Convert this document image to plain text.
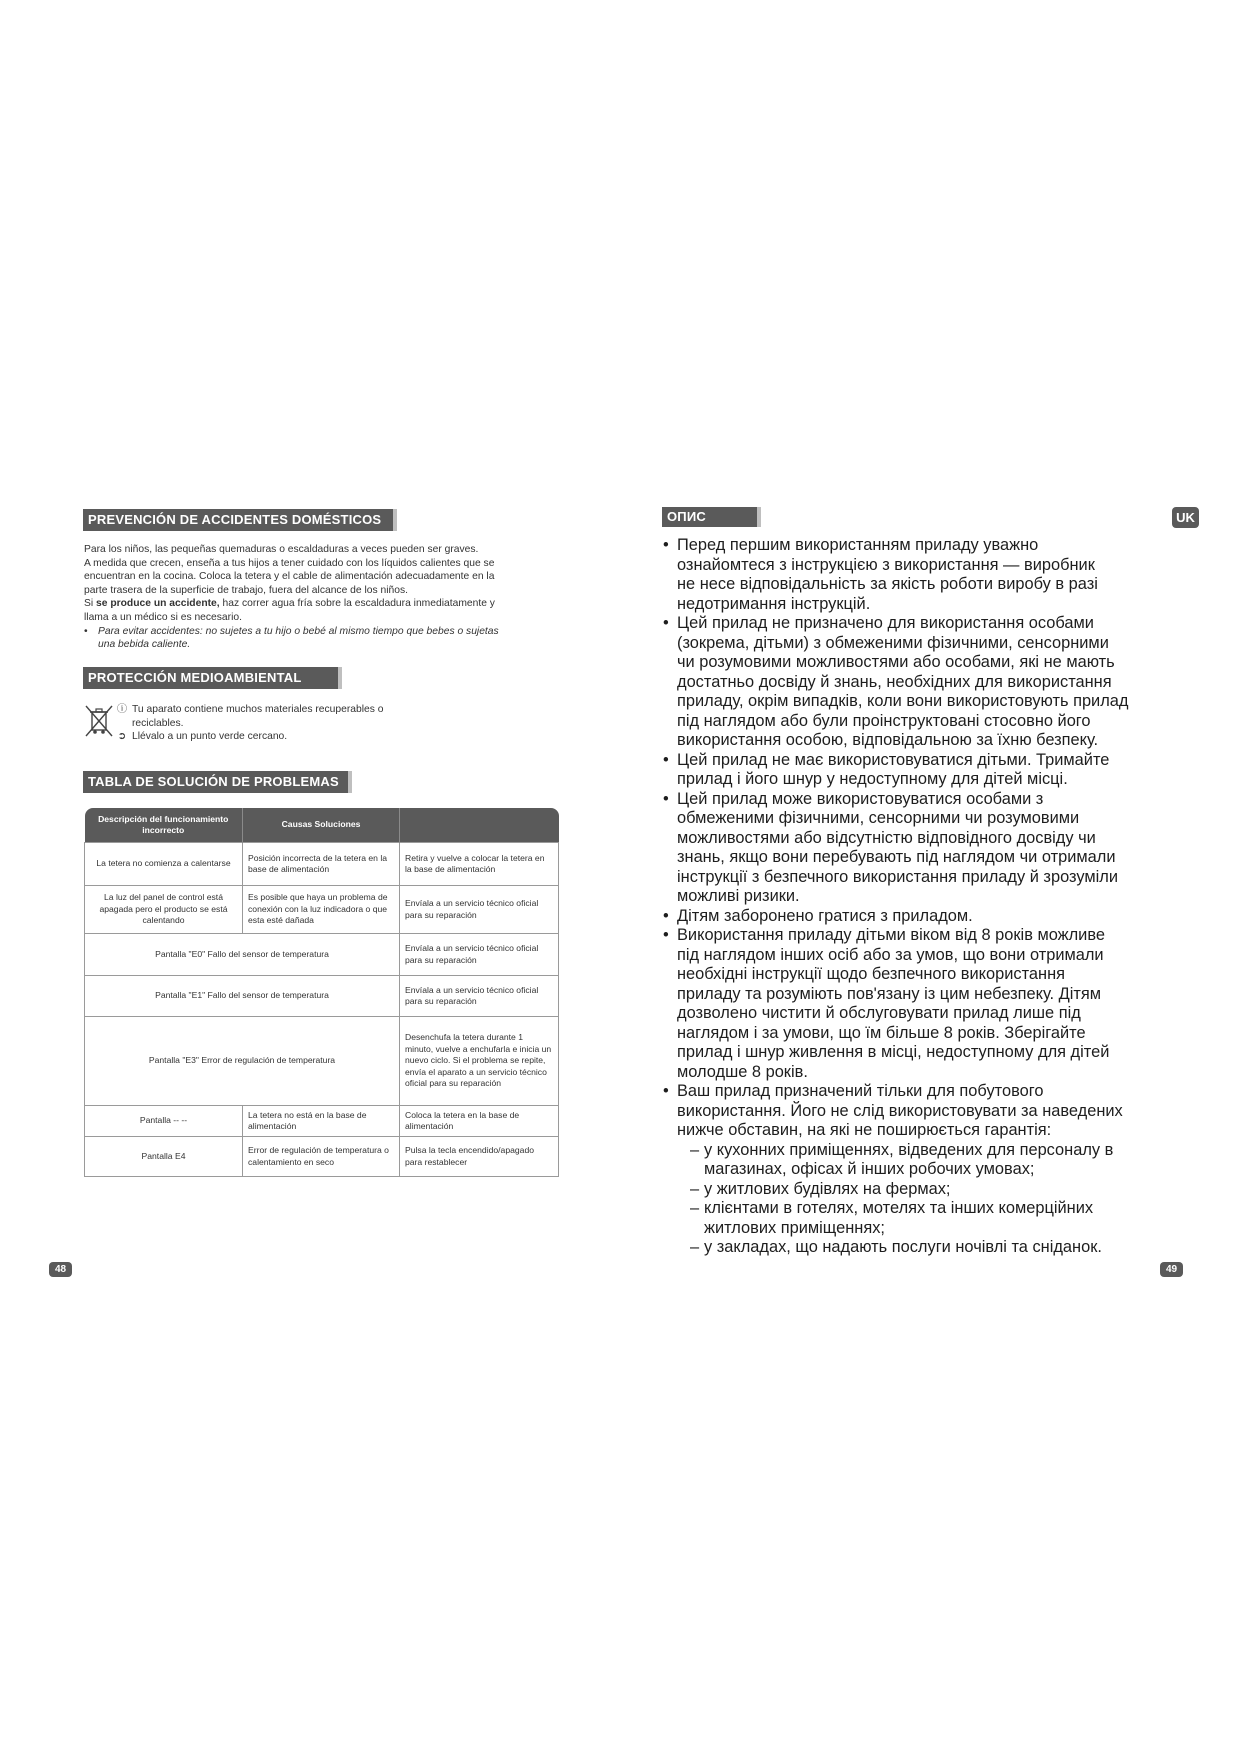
PREVENCIÓN DE ACCIDENTES DOMÉSTICOS

Para los niños, las pequeñas quemaduras o escaldaduras a veces pueden ser graves.

A medida que crecen, enseña a tus hijos a tener cuidado con los líquidos calientes que se

encuentran en la cocina. Coloca la tetera y el cable de alimentación adecuadamente en la

parte trasera de la superficie de trabajo, fuera del alcance de los niños.

Si se produce un accidente, haz correr agua fría sobre la escaldadura inmediatamente y

llama a un médico si es necesario.

•	Para evitar accidentes: no sujetes a tu hijo o bebé al mismo tiempo que bebes o sujetas

una bebida caliente.

PROTECCIÓN MEDIOAMBIENTAL
ⓘ Tu aparato contiene muchos materiales recuperables o
reciclables.
➲ Llévalo a un punto verde cercano.
TABLA DE SOLUCIÓN DE PROBLEMAS
Descripción del funcionamiento incorrecto	Causas Soluciones	
La tetera no comienza a calentarse	Posición incorrecta de la tetera en la base de alimentación	Retira y vuelve a colocar la tetera en la base de alimentación
La luz del panel de control está apagada pero el producto se está calentando	Es posible que haya un problema de conexión con la luz indicadora o que esta esté dañada	Envíala a un servicio técnico oficial para su reparación
Pantalla "E0" Fallo del sensor de temperatura		Envíala a un servicio técnico oficial para su reparación
Pantalla "E1" Fallo del sensor de temperatura		Envíala a un servicio técnico oficial para su reparación
Pantalla "E3" Error de regulación de temperatura		Desenchufa la tetera durante 1 minuto, vuelve a enchufarla e inicia un nuevo ciclo. Si el problema se repite, envía el aparato a un servicio técnico oficial para su reparación
Pantalla -- --	La tetera no está en la base de alimentación	Coloca la tetera en la base de alimentación
Pantalla E4	Error de regulación de temperatura o calentamiento en seco	Pulsa la tecla encendido/apagado para restablecer
48
ОПИС	UK
• Перед першим використанням приладу уважно

ознайомтеся з інструкцією з використання — виробник

не несе відповідальність за якість роботи виробу в разі

недотримання інструкцій.

• Цей прилад не призначено для використання особами

(зокрема, дітьми) з обмеженими фізичними, сенсорними

чи розумовими можливостями або особами, які не мають

достатньо досвіду й знань, необхідних для використання

приладу, окрім випадків, коли вони використовують прилад

під наглядом або були проінструктовані стосовно його

використання особою, відповідальною за їхню безпеку.

• Цей прилад не має використовуватися дітьми. Тримайте

прилад і його шнур у недоступному для дітей місці.

• Цей прилад може використовуватися особами з

обмеженими фізичними, сенсорними чи розумовими

можливостями або відсутністю відповідного досвіду чи

знань, якщо вони перебувають під наглядом чи отримали

інструкції з безпечного використання приладу й зрозуміли

можливі ризики.

• Дітям заборонено гратися з приладом.

• Використання приладу дітьми віком від 8 років можливе

під наглядом інших осіб або за умов, що вони отримали

необхідні інструкції щодо безпечного використання

приладу та розуміють пов'язану із цим небезпеку. Дітям

дозволено чистити й обслуговувати прилад лише під

наглядом і за умови, що їм більше 8 років. Зберігайте

прилад і шнур живлення в місці, недоступному для дітей

молодше 8 років.

• Ваш прилад призначений тільки для побутового

використання. Його не слід використовувати за наведених

нижче обставин, на які не поширюється гарантія:

– у кухонних приміщеннях, відведених для персоналу в

магазинах, офісах й інших робочих умовах;

– у житлових будівлях на фермах;

– клієнтами в готелях, мотелях та інших комерційних

житлових приміщеннях;

– у закладах, що надають послуги ночівлі та сніданок.

49
